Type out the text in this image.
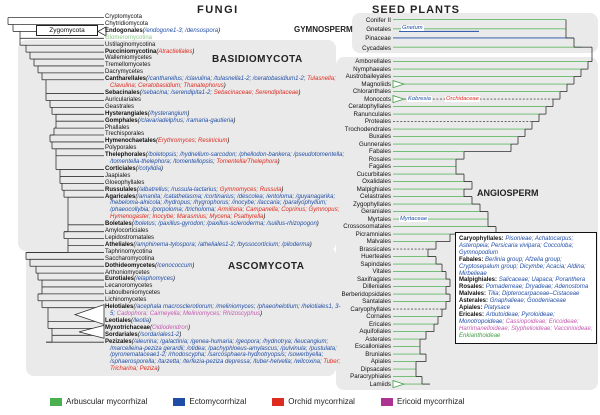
FUNGI	SEED PLANTS
BASIDIOMYCOTA
ASCOMYCOTA
GYMNOSPERM
ANGIOSPERM
Zygomycota
Cryptomycota
Chytridiomycota
Endogonales(/endogone1-3; /densospora)
Glomeromycotina
Ustilaginomycotina
Pucciniomycotina(Atractiellales)
Wallemiomycetes
Tremellomycetes
Dacrymycetes
Cantharellales(/cantharellus; /clavulina; /tulasnella1-2; /ceratobasidium1-2; Tulasnella; Clavulina; Ceratobasidium; Thanatephorus)
Sebacinales(/sebacina; /serendipita1-2; Sebacinaceae; Serendipitaceae)
Auriculariales
Geastrales
Hysterangiales(/hysterangium)
Gomphales(/clavariadelphus; /ramaria-gautieria)
Phallales
Trechisporales
Hymenochaetales(Erythromyces; Resinicium)
Polyporales
Thelephorales(/boletopsis; /hydnellum-sarcodon; /phellodon-bankera; /pseudotomentella; /tomentella-thelephora; /tomentellopsis; Tomentella/Thelephora)
Corticiales(/cotylidia)
Jaapiales
Gloeophyllales
Russulales(/albatrellus; /russula-lactarius; Gymnomyces; Russula)
Agaricales(/amanita; /catathelasma; /cortinarius; /descolea; /entoloma; /guyanagarika; /hebeloma-alnicola; /hydropus; /hygrophorus; /inocybe; /laccaria; /paralyophyllum; /phaeocollybia; /porpoloma; /tricholoma; Armillaria; Campanella; Coprinus; Gymnopus; Hymenogaster; Inocybe; Marasmius; Mycena; Psathyrella)
Boletales(/boletus; /paxillus-gyrodon; /paxillus-scleroderma; /suillus-rhizopogon)
Amylocorticiales
Lepidostromatales
Atheliales(/amphinema-tylospora; /atheliales1-2; /byssocorticium; /piloderma)
Taphrinomycotina
Saccharomycotina
Dothideomycetes(/cenococcum)
Arthoniomycetes
Eurotiales(/elaphomyces)
Lecanoromycetes
Laboulbeniomycetes
Lichinomycetes
Helotiales(/acephala macrosclerotiorum; /meliniomyces; /phaeohelotium; /helotiales1, 3-5; Cadophora; Cairneyella; Meliniomyces; Rhizoscyphus)
Leotiales(/leotia)
Myxotrichaceae(Oidiodendron)
Sordariales(/sordariales1-2)
Pezizales(/aleurina; /galactinia; /genea-humaria; /geopora; /hydnotrya; /leucangium; /marcelleina-peziza gerardii; /otidea; /pachyphloeus-amylascus; /pulvinula; /pustulata; /pyronemataceae1-2; /rhodoscypha; /sarcosphaera-hydnotryopsis; /sowerbyella; /sphaerosporella; /tarzetta; /terfezia-peziza depressa; /tuber-helvella; /wilcoxina; Tuber; Tricharina; Peziza)
Conifer II
Gnetales
Pinaceae
Cycadales
Amborellales
Nymphaeales
Austrobaileyales
Magnoliids
Chloranthales
Monocots
Ceratophyllales
Ranunculales
Proteales
Trochodendrales
Buxales
Gunnerales
Fabales
Rosales
Fagales
Cucurbitales
Oxalidales
Malpighiales
Celastrales
Zygophyllales
Geraniales
Myrtales
Crossosomatales
Picramniales
Malvales
Brassicales
Huerteales
Sapindales
Vitales
Saxifragales
Dilleniales
Berberidopsidales
Santalales
Caryophyllales
Cornales
Ericales
Aquifoliales
Asterales
Escalloniales
Bruniales
Apiales
Dipsacales
Paracryphiales
Lamiids
Caryophyllales: Pisonieae; Achatocarpus; Asteropeia; Persicaria vivipara; Coccoloba; Gymnopodium
Fabales: Berlinia group; Afzelia group; Cryptosepalum group; Dicymbe; Acacia; Aldina; Mirbelieae
Malpighiales: Salicaceae; Uapaca; Poranthera
Rosales: Pomaderreae; Dryadeae; Adenostoma
Malvales: Tilia; Dipterocarpaceae–Cistaceae
Asterales: Gnaphalieae; Goodeniaceae
Apiales: Platysace
Ericales: Arbutoideae; Pyroloideae; Monotropoideae; Cassiopoideae; Ericoideae; Harrimanelloideae; Styphelioideae; Vaccinioideae; Enkianthoideae
Arbuscular mycorrhizal	Ectomycorrhizal	Orchid mycorrhizal	Ericoid mycorrhizal
Gnetum
Kobresia	Orchidaceae
Myrtaceae
